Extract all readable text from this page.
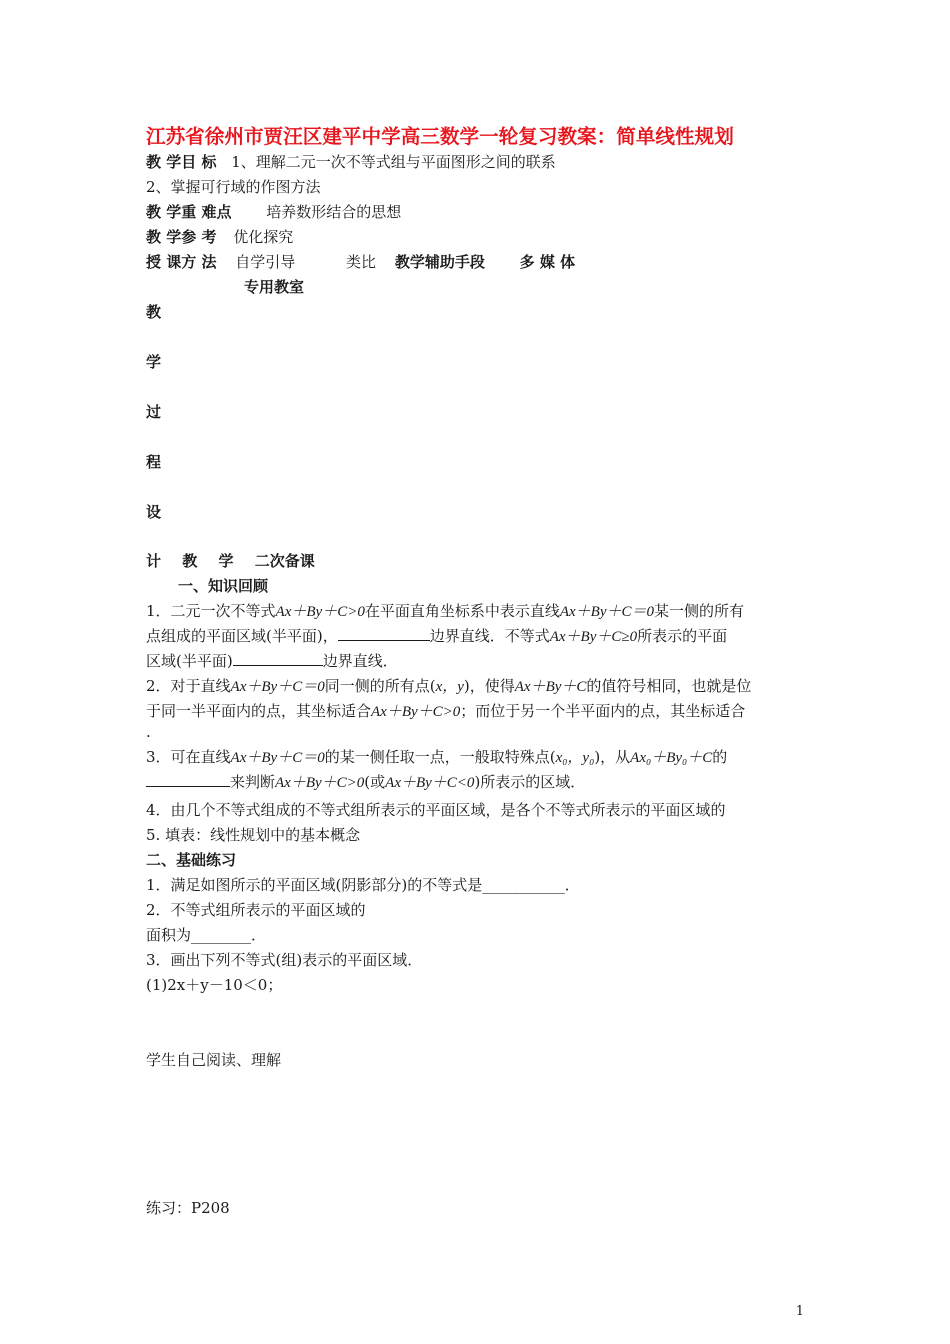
江苏省徐州市贾汪区建平中学高三数学一轮复习教案：简单线性规划
教 学目 标 1、理解二元一次不等式组与平面图形之间的联系
2、掌握可行域的作图方法
教 学重 难点 培养数形结合的思想
教 学参 考 优化探究
授 课方 法 自学引导	类比 教学辅助手段 多 媒 体
专用教室
教
学
过
程
设
计 教 学 二次备课
一、知识回顾
1．二元一次不等式Ax＋By＋C>0在平面直角坐标系中表示直线Ax＋By＋C＝0某一侧的所有
点组成的平面区域(半平面)，	边界直线．不等式Ax＋By＋C≥0所表示的平面
区域(半平面)	边界直线．
2．对于直线Ax＋By＋C＝0同一侧的所有点(x，y)，使得Ax＋By＋C的值符号相同，也就是位
于同一半平面内的点，其坐标适合Ax＋By＋C>0；而位于另一个半平面内的点，其坐标适合
.
3．可在直线Ax＋By＋C＝0的某一侧任取一点，一般取特殊点(x₀，y₀)，从Ax₀＋By₀＋C的
来判断Ax＋By＋C>0(或Ax＋By＋C<0)所表示的区域．
4．由几个不等式组成的不等式组所表示的平面区域，是各个不等式所表示的平面区域的
5. 填表：线性规划中的基本概念
二、基础练习
1．满足如图所示的平面区域(阴影部分)的不等式是___________．
2．不等式组所表示的平面区域的
面积为________．
3．画出下列不等式(组)表示的平面区域．
(1)2x＋y－10＜0；
学生自己阅读、理解
练习：P208
1
